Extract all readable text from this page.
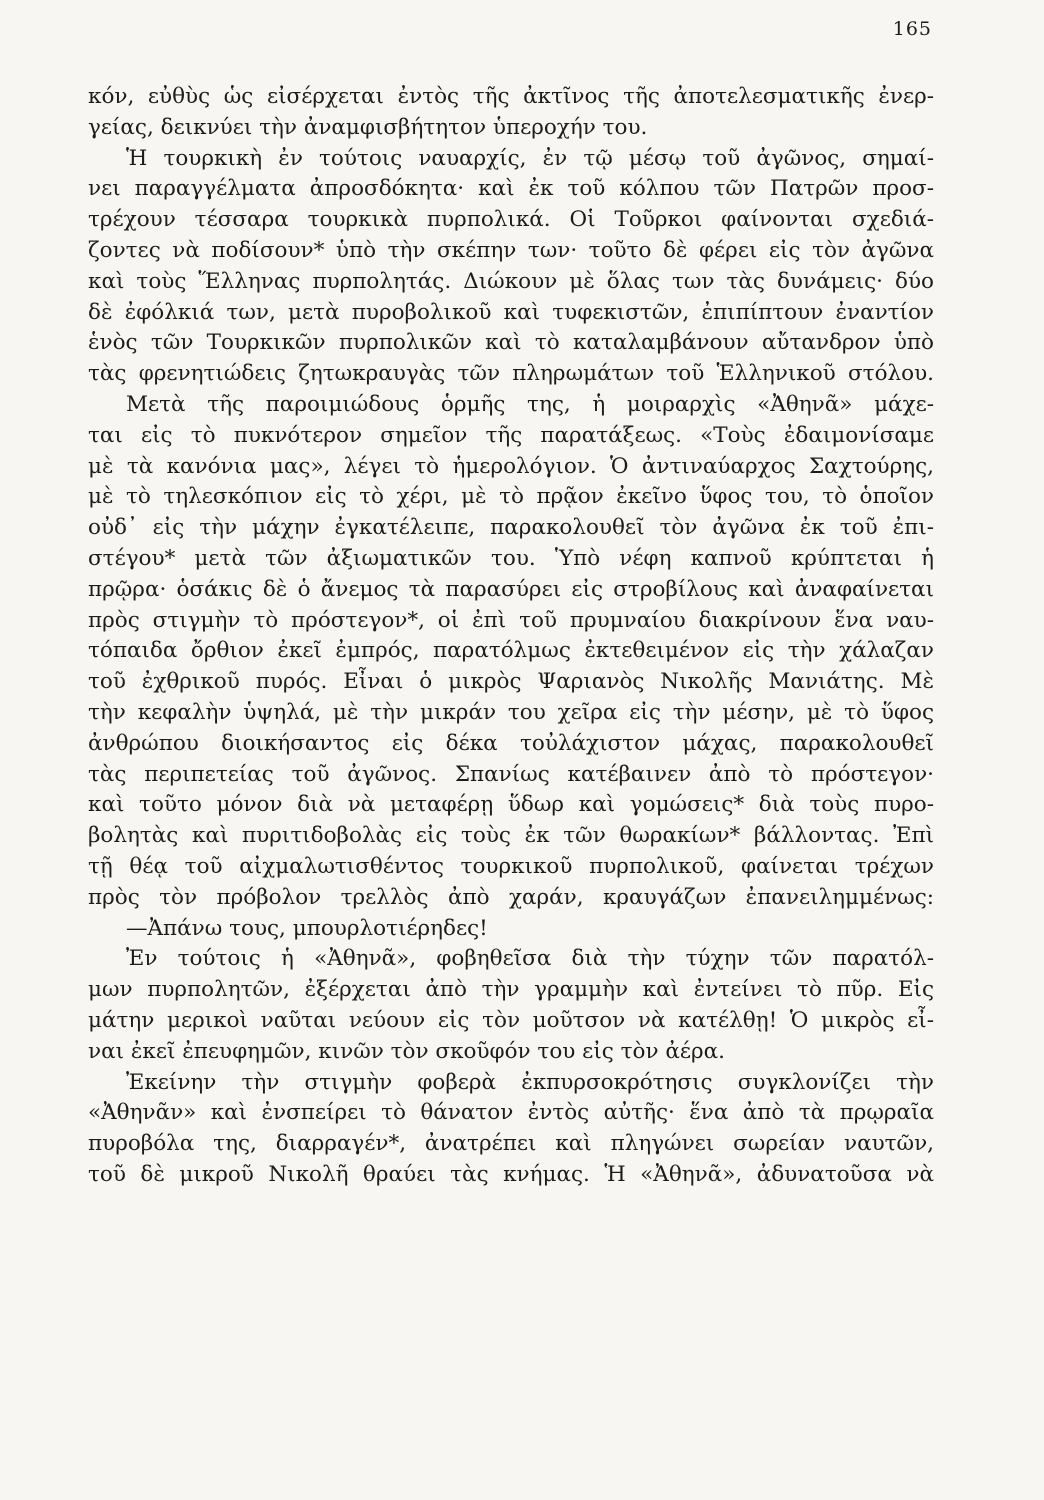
165
κόν, εὐθὺς ὡς εἰσέρχεται ἐντὸς τῆς ἀκτῖνος τῆς ἀποτελεσματικῆς ἐνερ-
γείας, δεικνύει τὴν ἀναμφισβήτητον ὑπεροχήν του.
Ἡ τουρκικὴ ἐν τούτοις ναυαρχίς, ἐν τῷ μέσῳ τοῦ ἀγῶνος, σημαί-
νει παραγγέλματα ἀπροσδόκητα· καὶ ἐκ τοῦ κόλπου τῶν Πατρῶν προσ-
τρέχουν τέσσαρα τουρκικὰ πυρπολικά. Οἱ Τοῦρκοι φαίνονται σχεδιά-
ζοντες νὰ ποδίσουν* ὑπὸ τὴν σκέπην των· τοῦτο δὲ φέρει εἰς τὸν ἀγῶνα
καὶ τοὺς Ἕλληνας πυρπολητάς. Διώκουν μὲ ὅλας των τὰς δυνάμεις· δύο
δὲ ἐφόλκιά των, μετὰ πυροβολικοῦ καὶ τυφεκιστῶν, ἐπιπίπτουν ἐναντίον
ἑνὸς τῶν Τουρκικῶν πυρπολικῶν καὶ τὸ καταλαμβάνουν αὔτανδρον ὑπὸ
τὰς φρενητιώδεις ζητωκραυγὰς τῶν πληρωμάτων τοῦ Ἑλληνικοῦ στόλου.
Μετὰ τῆς παροιμιώδους ὁρμῆς της, ἡ μοιραρχὶς «Ἀθηνᾶ» μάχε-
ται εἰς τὸ πυκνότερον σημεῖον τῆς παρατάξεως. «Τοὺς ἐδαιμονίσαμε
μὲ τὰ κανόνια μας», λέγει τὸ ἡμερολόγιον. Ὁ ἀντιναύαρχος Σαχτούρης,
μὲ τὸ τηλεσκόπιον εἰς τὸ χέρι, μὲ τὸ πρᾷον ἐκεῖνο ὕφος του, τὸ ὁποῖον
οὐδ᾿ εἰς τὴν μάχην ἐγκατέλειπε, παρακολουθεῖ τὸν ἀγῶνα ἐκ τοῦ ἐπι-
στέγου* μετὰ τῶν ἀξιωματικῶν του. Ὑπὸ νέφη καπνοῦ κρύπτεται ἡ
πρῷρα· ὁσάκις δὲ ὁ ἄνεμος τὰ παρασύρει εἰς στροβίλους καὶ ἀναφαίνεται
πρὸς στιγμὴν τὸ πρόστεγον*, οἱ ἐπὶ τοῦ πρυμναίου διακρίνουν ἕνα ναυ-
τόπαιδα ὄρθιον ἐκεῖ ἐμπρός, παρατόλμως ἐκτεθειμένον εἰς τὴν χάλαζαν
τοῦ ἐχθρικοῦ πυρός. Εἶναι ὁ μικρὸς Ψαριανὸς Νικολῆς Μανιάτης. Μὲ
τὴν κεφαλὴν ὑψηλά, μὲ τὴν μικράν του χεῖρα εἰς τὴν μέσην, μὲ τὸ ὕφος
ἀνθρώπου διοικήσαντος εἰς δέκα τοὐλάχιστον μάχας, παρακολουθεῖ
τὰς περιπετείας τοῦ ἀγῶνος. Σπανίως κατέβαινεν ἀπὸ τὸ πρόστεγον·
καὶ τοῦτο μόνον διὰ νὰ μεταφέρῃ ὕδωρ καὶ γομώσεις* διὰ τοὺς πυρο-
βολητὰς καὶ πυριτιδοβολὰς εἰς τοὺς ἐκ τῶν θωρακίων* βάλλοντας. Ἐπὶ
τῇ θέᾳ τοῦ αἰχμαλωτισθέντος τουρκικοῦ πυρπολικοῦ, φαίνεται τρέχων
πρὸς τὸν πρόβολον τρελλὸς ἀπὸ χαράν, κραυγάζων ἐπανειλημμένως:
—Ἀπάνω τους, μπουρλοτιέρηδες!
Ἐν τούτοις ἡ «Ἀθηνᾶ», φοβηθεῖσα διὰ τὴν τύχην τῶν παρατόλ-
μων πυρπολητῶν, ἐξέρχεται ἀπὸ τὴν γραμμὴν καὶ ἐντείνει τὸ πῦρ. Εἰς
μάτην μερικοὶ ναῦται νεύουν εἰς τὸν μοῦτσον νὰ κατέλθῃ! Ὁ μικρὸς εἶ-
ναι ἐκεῖ ἐπευφημῶν, κινῶν τὸν σκοῦφόν του εἰς τὸν ἀέρα.
Ἐκείνην τὴν στιγμὴν φοβερὰ ἐκπυρσοκρότησις συγκλονίζει τὴν
«Ἀθηνᾶν» καὶ ἐνσπείρει τὸ θάνατον ἐντὸς αὐτῆς· ἕνα ἀπὸ τὰ πρῳραῖα
πυροβόλα της, διαρραγέν*, ἀνατρέπει καὶ πληγώνει σωρείαν ναυτῶν,
τοῦ δὲ μικροῦ Νικολῆ θραύει τὰς κνήμας. Ἡ «Ἀθηνᾶ», ἀδυνατοῦσα νὰ
